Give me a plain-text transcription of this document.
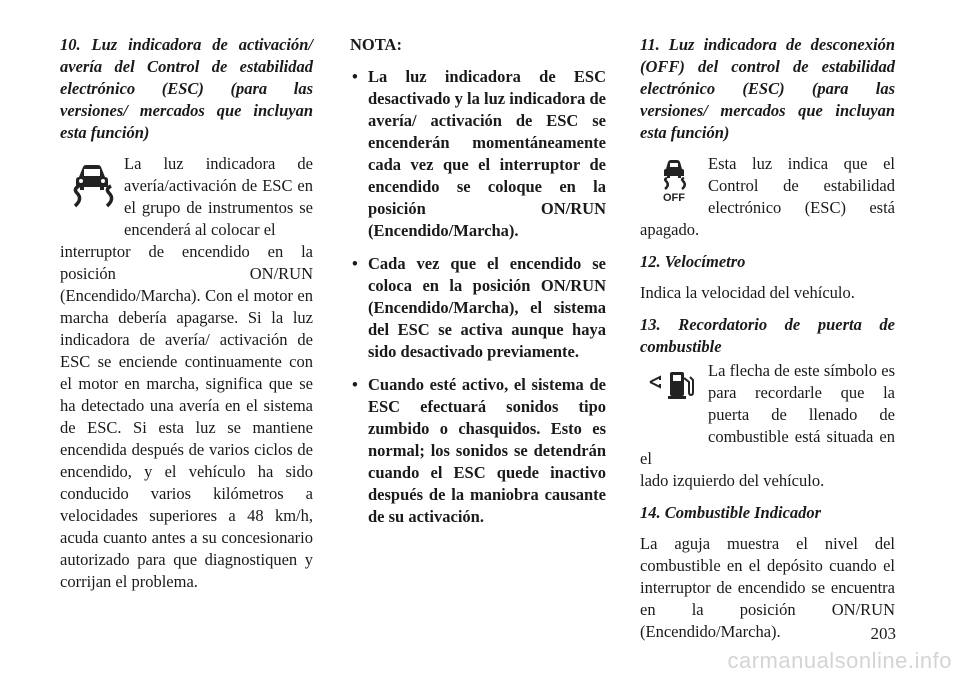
10. Luz indicadora de activación/ avería del Control de estabilidad electrónico (ESC) (para las versiones/ mercados que incluyan esta función)

La luz indicadora de avería/activación de ESC en el grupo de instrumentos se encenderá al colocar el

interruptor de encendido en la posición ON/RUN (Encendido/Marcha). Con el motor en marcha debería apagarse. Si la luz indicadora de avería/ activación de ESC se enciende continuamente con el motor en marcha, significa que se ha detectado una avería en el sistema de ESC. Si esta luz se mantiene encendida después de varios ciclos de encendido, y el vehículo ha sido conducido varios kilómetros a velocidades superiores a 48 km/h, acuda cuanto antes a su concesionario autorizado para que diagnostiquen y corrijan el problema.

NOTA:
• La luz indicadora de ESC desactivado y la luz indicadora de avería/ activación de ESC se encenderán momentáneamente cada vez que el interruptor de encendido se coloque en la posición ON/RUN (Encendido/Marcha).
• Cada vez que el encendido se coloca en la posición ON/RUN (Encendido/Marcha), el sistema del ESC se activa aunque haya sido desactivado previamente.
• Cuando esté activo, el sistema de ESC efectuará sonidos tipo zumbido o chasquidos. Esto es normal; los sonidos se detendrán cuando el ESC quede inactivo después de la maniobra causante de su activación.
11. Luz indicadora de desconexión (OFF) del control de estabilidad electrónico (ESC) (para las versiones/ mercados que incluyan esta función)
OFF

Esta luz indica que el Control de estabilidad electrónico (ESC) está apagado.

12. Velocímetro

Indica la velocidad del vehículo.

13. Recordatorio de puerta de combustible

La flecha de este símbolo es para recordarle que la puerta de llenado de combustible está situada en el

lado izquierdo del vehículo.

14. Combustible Indicador

La aguja muestra el nivel del combustible en el depósito cuando el interruptor de encendido se encuentra en la posición ON/RUN (Encendido/Marcha).	203
carmanualsonline.info
